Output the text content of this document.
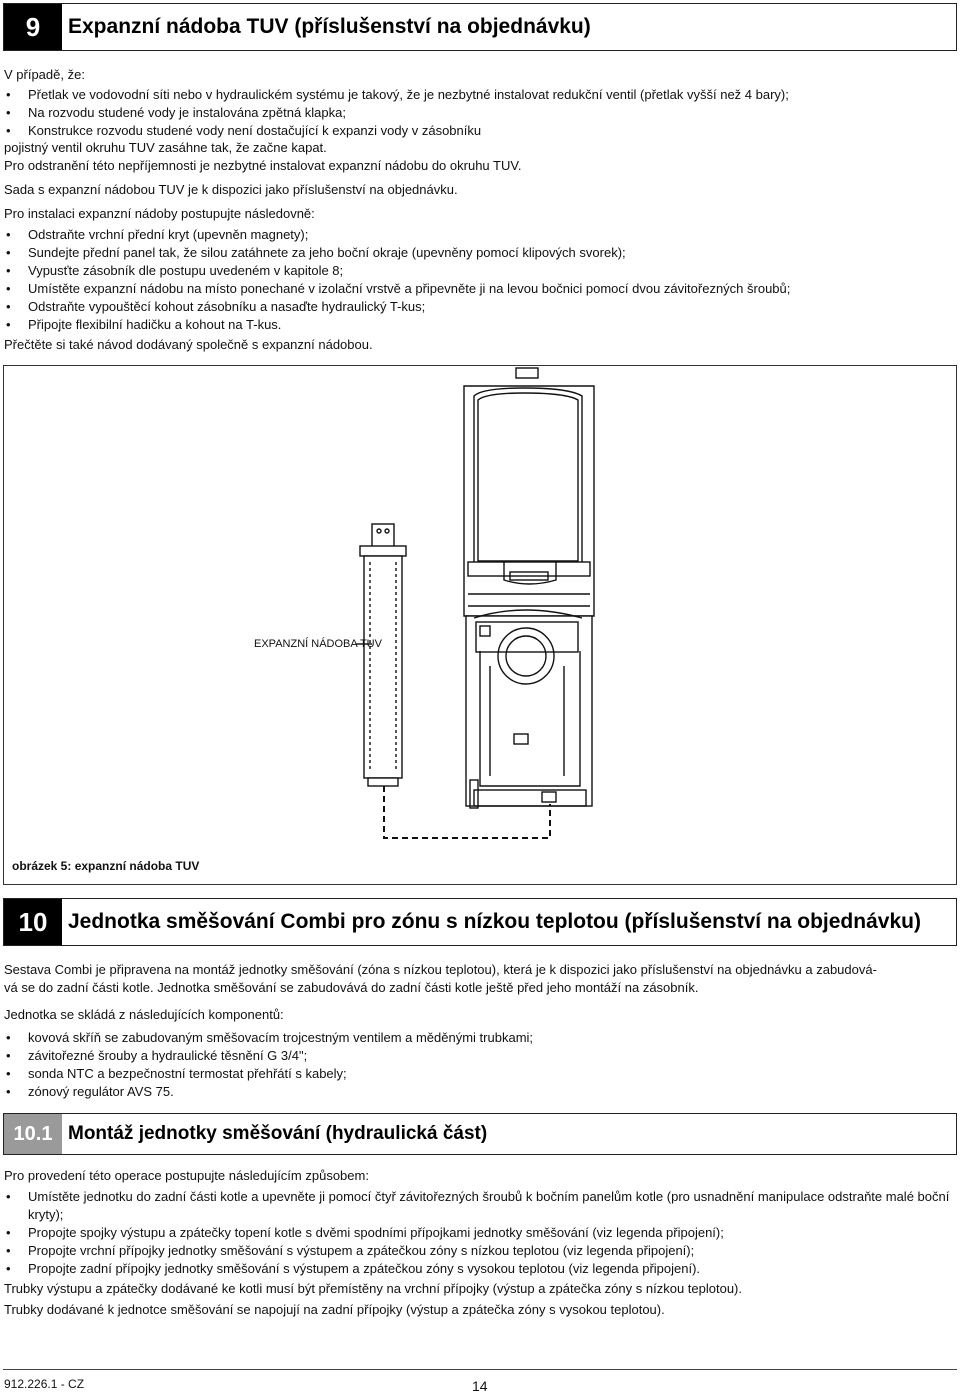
9	Expanzní nádoba TUV (příslušenství na objednávku)

V případě, že:

• Přetlak ve vodovodní síti nebo v hydraulickém systému je takový, že je nezbytné instalovat redukční ventil (přetlak vyšší než 4 bary);
• Na rozvodu studené vody je instalována zpětná klapka;
• Konstrukce rozvodu studené vody není dostačující k expanzi vody v zásobníku

pojistný ventil okruhu TUV zasáhne tak, že začne kapat.

Pro odstranění této nepříjemnosti je nezbytné instalovat expanzní nádobu do okruhu TUV.

Sada s expanzní nádobou TUV je k dispozici jako příslušenství na objednávku.

Pro instalaci expanzní nádoby postupujte následovně:

• Odstraňte vrchní přední kryt (upevněn magnety);
• Sundejte přední panel tak, že silou zatáhnete za jeho boční okraje (upevněny pomocí klipových svorek);
• Vypusťte zásobník dle postupu uvedeném v kapitole 8;
• Umístěte expanzní nádobu na místo ponechané v izolační vrstvě a připevněte ji na levou bočnici pomocí dvou závitořezných šroubů;
• Odstraňte vypouštěcí kohout zásobníku a nasaďte hydraulický T-kus;
• Připojte flexibilní hadičku a kohout na T-kus.

Přečtěte si také návod dodávaný společně s expanzní nádobou.

EXPANZNÍ NÁDOBA TUV
obrázek 5: expanzní nádoba TUV
10 Jednotka směšování Combi pro zónu s nízkou teplotou (příslušenství na objednávku)

Sestava Combi je připravena na montáž jednotky směšování (zóna s nízkou teplotou), která je k dispozici jako příslušenství na objednávku a zabudová-

vá se do zadní části kotle. Jednotka směšování se zabudovává do zadní části kotle ještě před jeho montáží na zásobník.

Jednotka se skládá z následujících komponentů:

• kovová skříň se zabudovaným směšovacím trojcestným ventilem a měděnými trubkami;
• závitořezné šrouby a hydraulické těsnění G 3/4";
• sonda NTC a bezpečnostní termostat přehřátí s kabely;
• zónový regulátor AVS 75.
10.1 Montáž jednotky směšování (hydraulická část)

Pro provedení této operace postupujte následujícím způsobem:

• Umístěte jednotku do zadní části kotle a upevněte ji pomocí čtyř závitořezných šroubů k bočním panelům kotle (pro usnadnění manipulace odstraňte malé boční kryty);
• Propojte spojky výstupu a zpátečky topení kotle s dvěmi spodními přípojkami jednotky směšování (viz legenda připojení);
• Propojte vrchní přípojky jednotky směšování s výstupem a zpátečkou zóny s nízkou teplotou (viz legenda připojení);
• Propojte zadní přípojky jednotky směšování s výstupem a zpátečkou zóny s vysokou teplotou (viz legenda připojení).

Trubky výstupu a zpátečky dodávané ke kotli musí být přemístěny na vrchní přípojky (výstup a zpátečka zóny s nízkou teplotou).

Trubky dodávané k jednotce směšování se napojují na zadní přípojky (výstup a zpátečka zóny s vysokou teplotou).

912.226.1 - CZ	14
